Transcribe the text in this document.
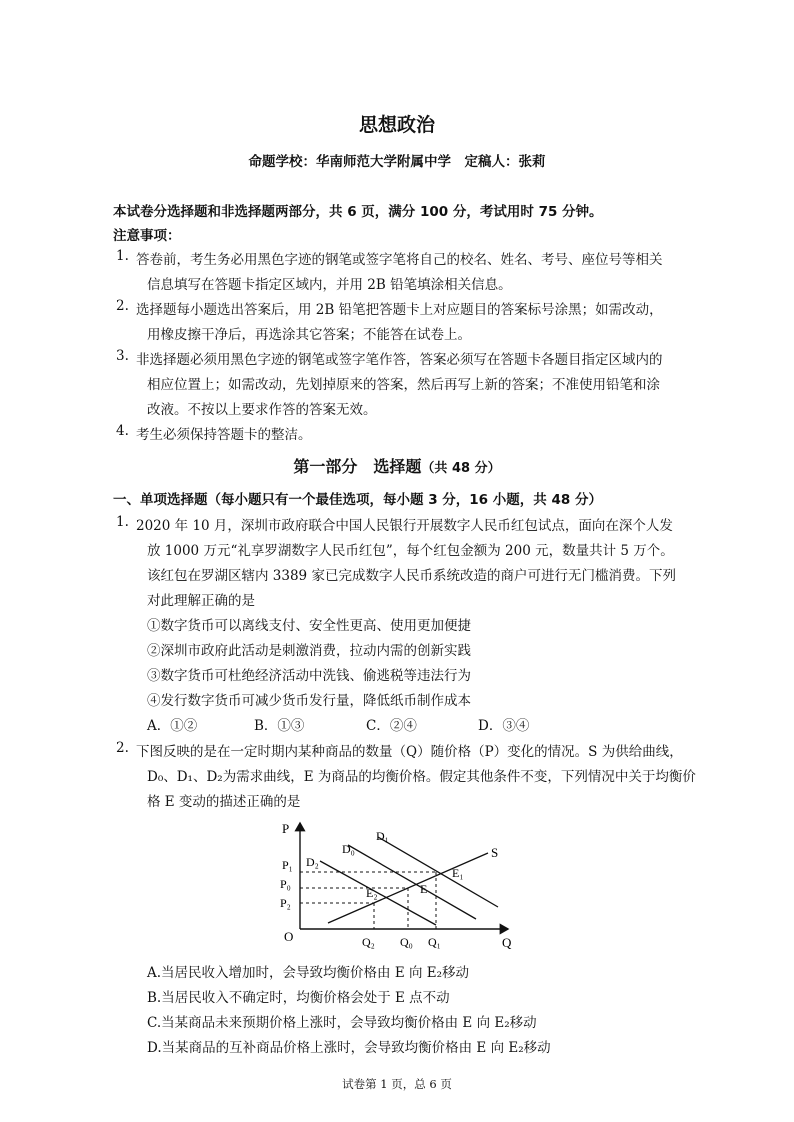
思想政治
命题学校：华南师范大学附属中学　定稿人：张莉
本试卷分选择题和非选择题两部分，共 6 页，满分 100 分，考试用时 75 分钟。
注意事项：
1. 答卷前，考生务必用黑色字迹的钢笔或签字笔将自己的校名、姓名、考号、座位号等相关
信息填写在答题卡指定区域内，并用 2B 铅笔填涂相关信息。
2. 选择题每小题选出答案后，用 2B 铅笔把答题卡上对应题目的答案标号涂黑；如需改动，
用橡皮擦干净后，再选涂其它答案；不能答在试卷上。
3. 非选择题必须用黑色字迹的钢笔或签字笔作答，答案必须写在答题卡各题目指定区域内的
相应位置上；如需改动，先划掉原来的答案，然后再写上新的答案；不准使用铅笔和涂
改液。不按以上要求作答的答案无效。
4. 考生必须保持答题卡的整洁。
第一部分　选择题（共 48 分）
一、单项选择题（每小题只有一个最佳选项，每小题 3 分，16 小题，共 48 分）
1. 2020 年 10 月，深圳市政府联合中国人民银行开展数字人民币红包试点，面向在深个人发
放 1000 万元“礼享罗湖数字人民币红包”，每个红包金额为 200 元，数量共计 5 万个。
该红包在罗湖区辖内 3389 家已完成数字人民币系统改造的商户可进行无门槛消费。下列
对此理解正确的是
①数字货币可以离线支付、安全性更高、使用更加便捷
②深圳市政府此活动是刺激消费，拉动内需的创新实践
③数字货币可杜绝经济活动中洗钱、偷逃税等违法行为
④发行数字货币可减少货币发行量，降低纸币制作成本
A．①②	B．①③	C．②④	D．③④
2. 下图反映的是在一定时期内某种商品的数量（Q）随价格（P）变化的情况。S 为供给曲线，
D₀、D₁、D₂为需求曲线，E 为商品的均衡价格。假定其他条件不变，下列情况中关于均衡价
格 E 变动的描述正确的是
P
Q
O
S
D₀
D₁
D₂
P₁
P₀
P₂
Q₂ Q₀ Q₁
E
E₁
E₂
A.当居民收入增加时，会导致均衡价格由 E 向 E₂移动
B.当居民收入不确定时，均衡价格会处于 E 点不动
C.当某商品未来预期价格上涨时，会导致均衡价格由 E 向 E₂移动
D.当某商品的互补商品价格上涨时，会导致均衡价格由 E 向 E₂移动
试卷第 1 页，总 6 页
